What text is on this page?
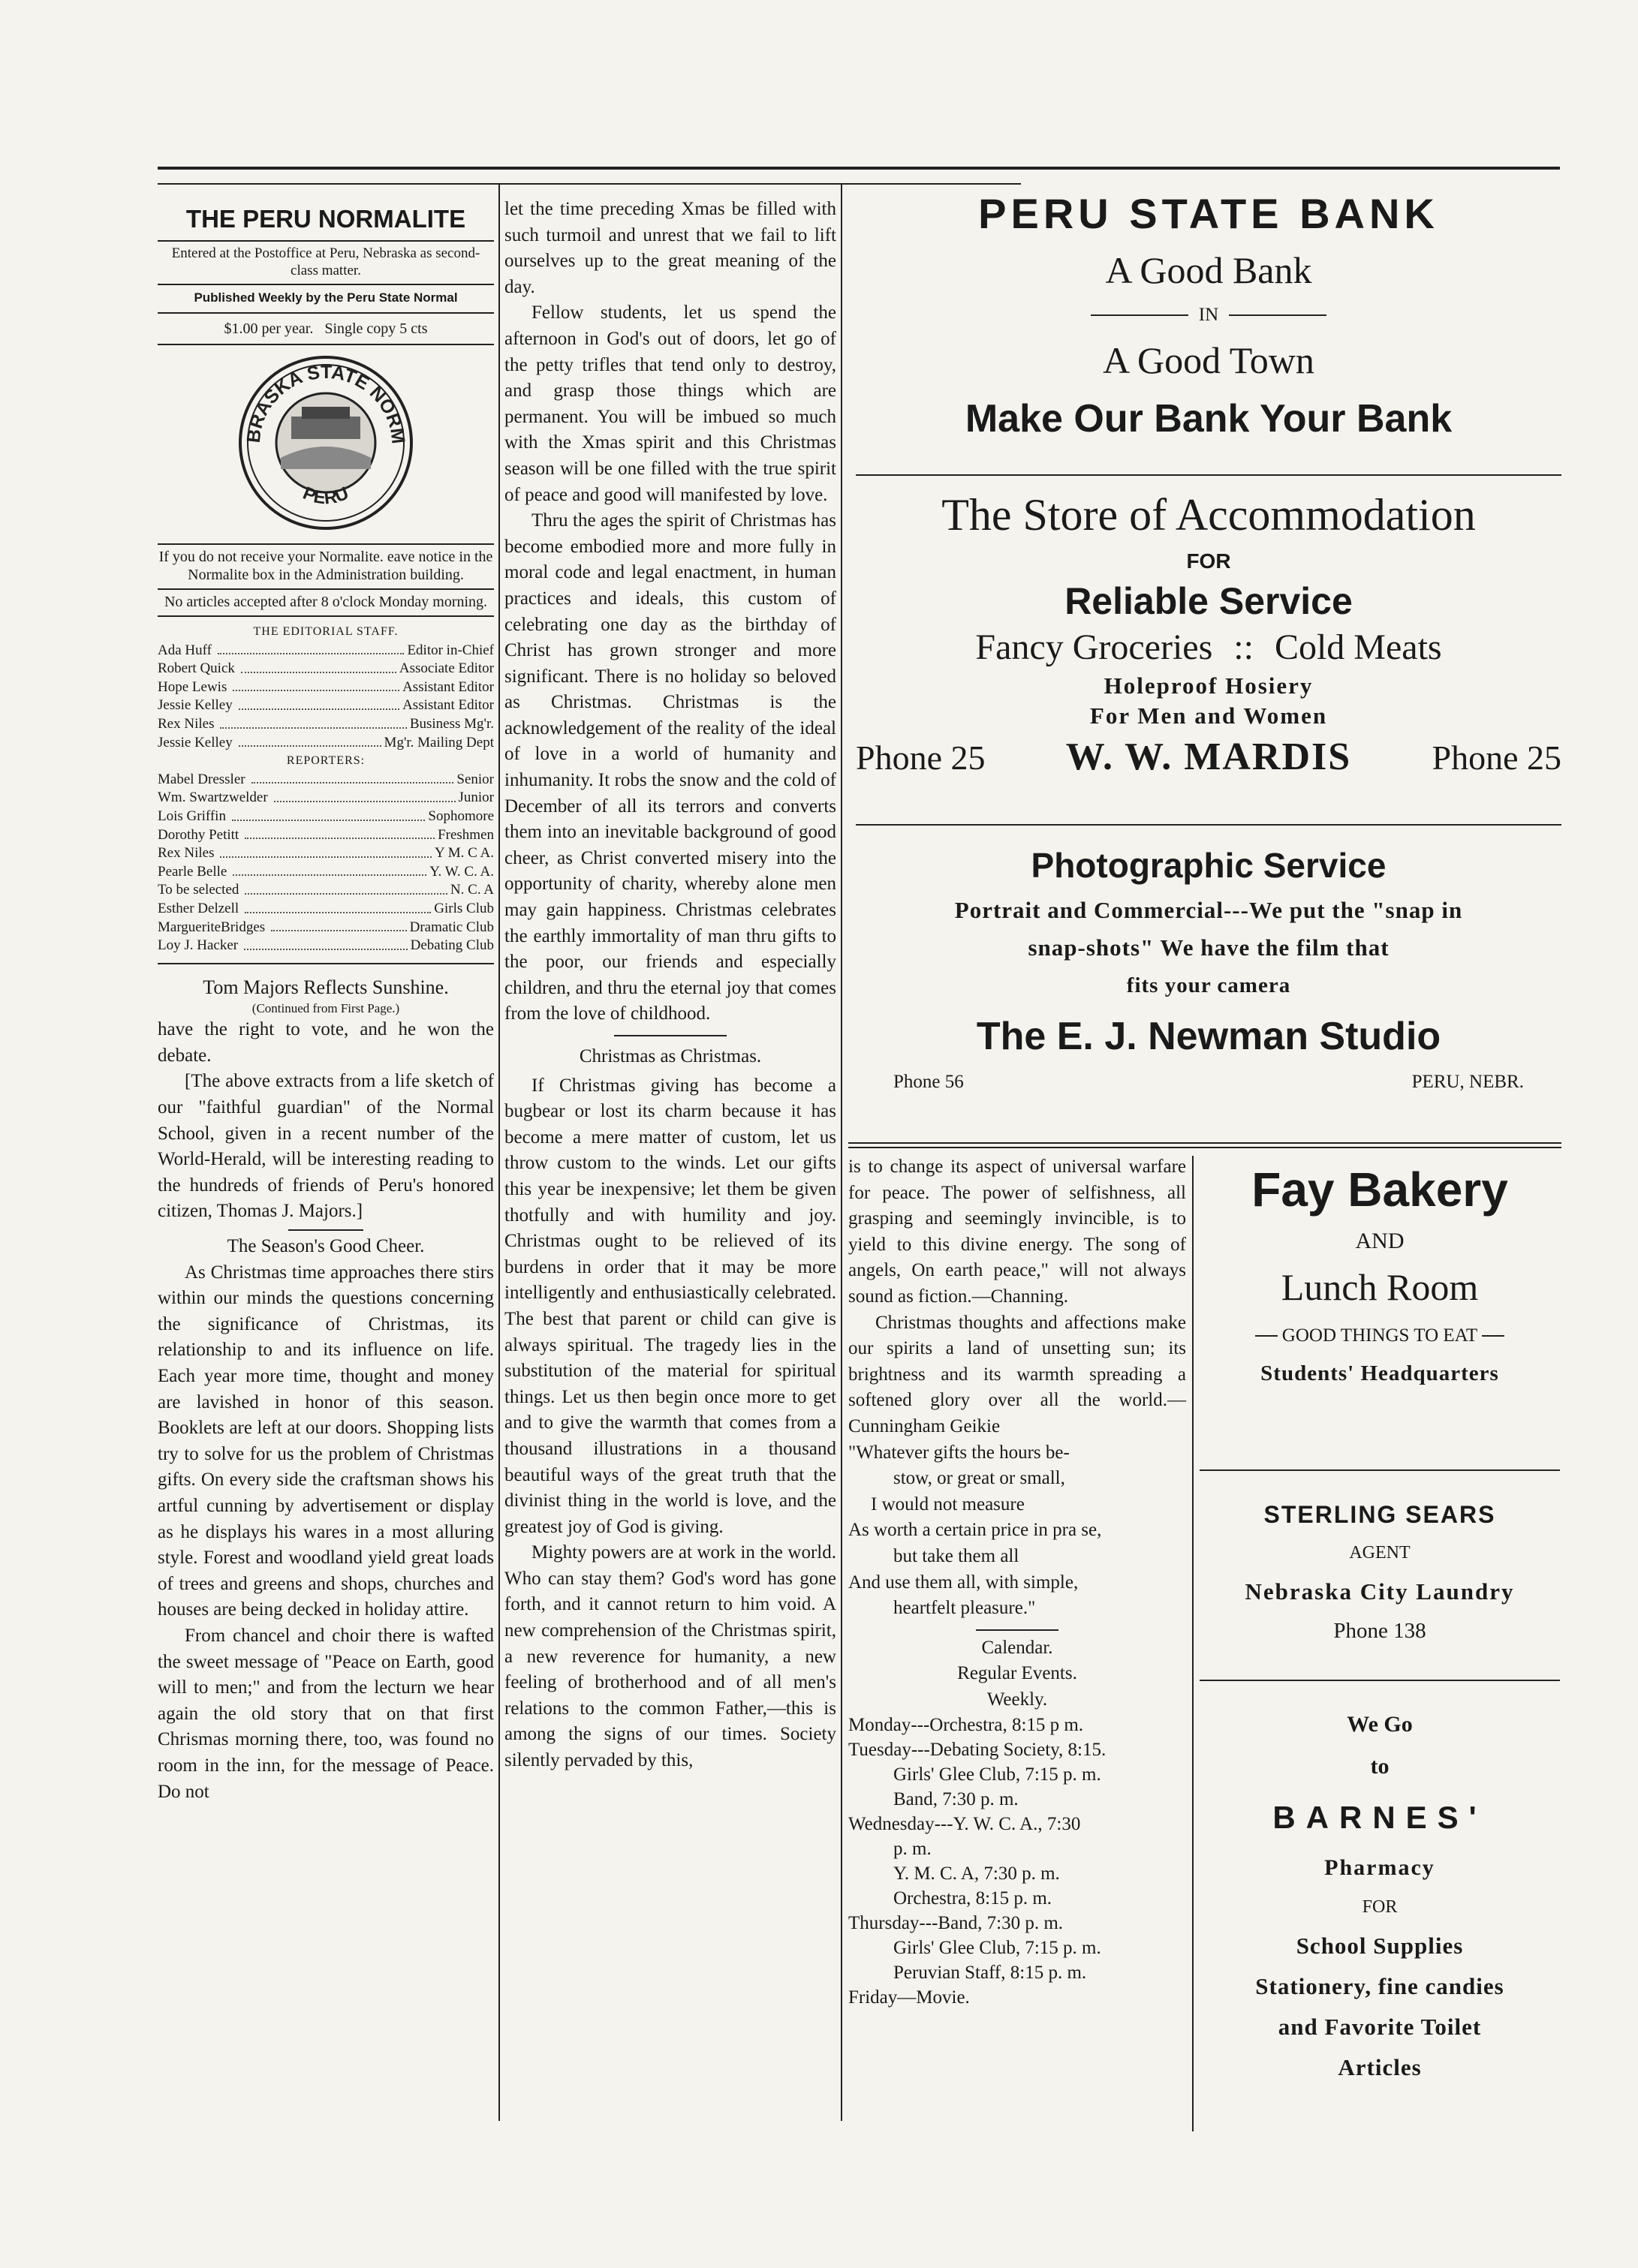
THE PERU NORMALITE
Entered at the Postoffice at Peru, Nebraska as second-class matter.
Published Weekly by the Peru State Normal
$1.00 per year.   Single copy 5 cts
BRASKA STATE NORM
PERU
If you do not receive your Normalite. eave notice in the Normalite box in the Administration building.
No articles accepted after 8 o'clock Monday morning.
THE EDITORIAL STAFF.
Ada Huff	Editor in-Chief
Robert Quick	Associate Editor
Hope Lewis	Assistant Editor
Jessie Kelley	Assistant Editor
Rex Niles	Business Mg'r.
Jessie Kelley	Mg'r. Mailing Dept
REPORTERS:
Mabel Dressler	Senior
Wm. Swartzwelder	Junior
Lois Griffin	Sophomore
Dorothy Petitt	Freshmen
Rex Niles	Y M. C A.
Pearle Belle	Y. W. C. A.
To be selected	N. C. A
Esther Delzell	Girls Club
MargueriteBridges	Dramatic Club
Loy J. Hacker	Debating Club
Tom Majors Reflects Sunshine.
(Continued from First Page.)

have the right to vote, and he won the debate.

[The above extracts from a life sketch of our "faithful guardian" of the Normal School, given in a recent number of the World-Herald, will be interesting reading to the hundreds of friends of Peru's honored citizen, Thomas J. Majors.]

The Season's Good Cheer.

As Christmas time approaches there stirs within our minds the questions concerning the significance of Christmas, its relationship to and its influence on life. Each year more time, thought and money are lavished in honor of this season. Booklets are left at our doors. Shopping lists try to solve for us the problem of Christmas gifts. On every side the craftsman shows his artful cunning by advertisement or display as he displays his wares in a most alluring style. Forest and woodland yield great loads of trees and greens and shops, churches and houses are being decked in holiday attire.

From chancel and choir there is wafted the sweet message of "Peace on Earth, good will to men;" and from the lecturn we hear again the old story that on that first Chrismas morning there, too, was found no room in the inn, for the message of Peace. Do not

let the time preceding Xmas be filled with such turmoil and unrest that we fail to lift ourselves up to the great meaning of the day.

Fellow students, let us spend the afternoon in God's out of doors, let go of the petty trifles that tend only to destroy, and grasp those things which are permanent. You will be imbued so much with the Xmas spirit and this Christmas season will be one filled with the true spirit of peace and good will manifested by love.

Thru the ages the spirit of Christmas has become embodied more and more fully in moral code and legal enactment, in human practices and ideals, this custom of celebrating one day as the birthday of Christ has grown stronger and more significant. There is no holiday so beloved as Christmas. Christmas is the acknowledgement of the reality of the ideal of love in a world of humanity and inhumanity. It robs the snow and the cold of December of all its terrors and converts them into an inevitable background of good cheer, as Christ converted misery into the opportunity of charity, whereby alone men may gain happiness. Christmas celebrates the earthly immortality of man thru gifts to the poor, our friends and especially children, and thru the eternal joy that comes from the love of childhood.

Christmas as Christmas.

If Christmas giving has become a bugbear or lost its charm because it has become a mere matter of custom, let us throw custom to the winds. Let our gifts this year be inexpensive; let them be given thotfully and with humility and joy. Christmas ought to be relieved of its burdens in order that it may be more intelligently and enthusiastically celebrated. The best that parent or child can give is always spiritual. The tragedy lies in the substitution of the material for spiritual things. Let us then begin once more to get and to give the warmth that comes from a thousand illustrations in a thousand beautiful ways of the great truth that the divinist thing in the world is love, and the greatest joy of God is giving.

Mighty powers are at work in the world. Who can stay them? God's word has gone forth, and it cannot return to him void. A new comprehension of the Christmas spirit, a new reverence for humanity, a new feeling of brotherhood and of all men's relations to the common Father,—this is among the signs of our times. Society silently pervaded by this,

PERU STATE BANK
A Good Bank
IN
A Good Town
Make Our Bank Your Bank
The Store of Accommodation
FOR
Reliable Service
Fancy Groceries :: Cold Meats
Holeproof Hosiery
For Men and Women
Phone 25 W. W. MARDIS Phone 25
Photographic Service
Portrait and Commercial---We put the "snap in
snap-shots" We have the film that
fits your camera
The E. J. Newman Studio
Phone 56	PERU, NEBR.

is to change its aspect of universal warfare for peace. The power of selfishness, all grasping and seemingly invincible, is to yield to this divine energy. The song of angels, On earth peace," will not always sound as fiction.—Channing.

Christmas thoughts and affections make our spirits a land of unsetting sun; its brightness and its warmth spreading a softened glory over all the world.—Cunningham Geikie

"Whatever gifts the hours be-
stow, or great or small,
I would not measure
As worth a certain price in pra se,
but take them all
And use them all, with simple,
heartfelt pleasure."
Calendar.
Regular Events.
Weekly.
Monday---Orchestra, 8:15 p m.
Tuesday---Debating Society, 8:15.
Girls' Glee Club, 7:15 p. m.
Band, 7:30 p. m.
Wednesday---Y. W. C. A., 7:30
p. m.
Y. M. C. A, 7:30 p. m.
Orchestra, 8:15 p. m.
Thursday---Band, 7:30 p. m.
Girls' Glee Club, 7:15 p. m.
Peruvian Staff, 8:15 p. m.
Friday—Movie.
Fay Bakery
AND
Lunch Room
GOOD THINGS TO EAT
Students' Headquarters
STERLING SEARS
AGENT
Nebraska City Laundry
Phone 138
We Go
to
BARNES'
Pharmacy
FOR
School Supplies
Stationery, fine candies
and Favorite Toilet
Articles
